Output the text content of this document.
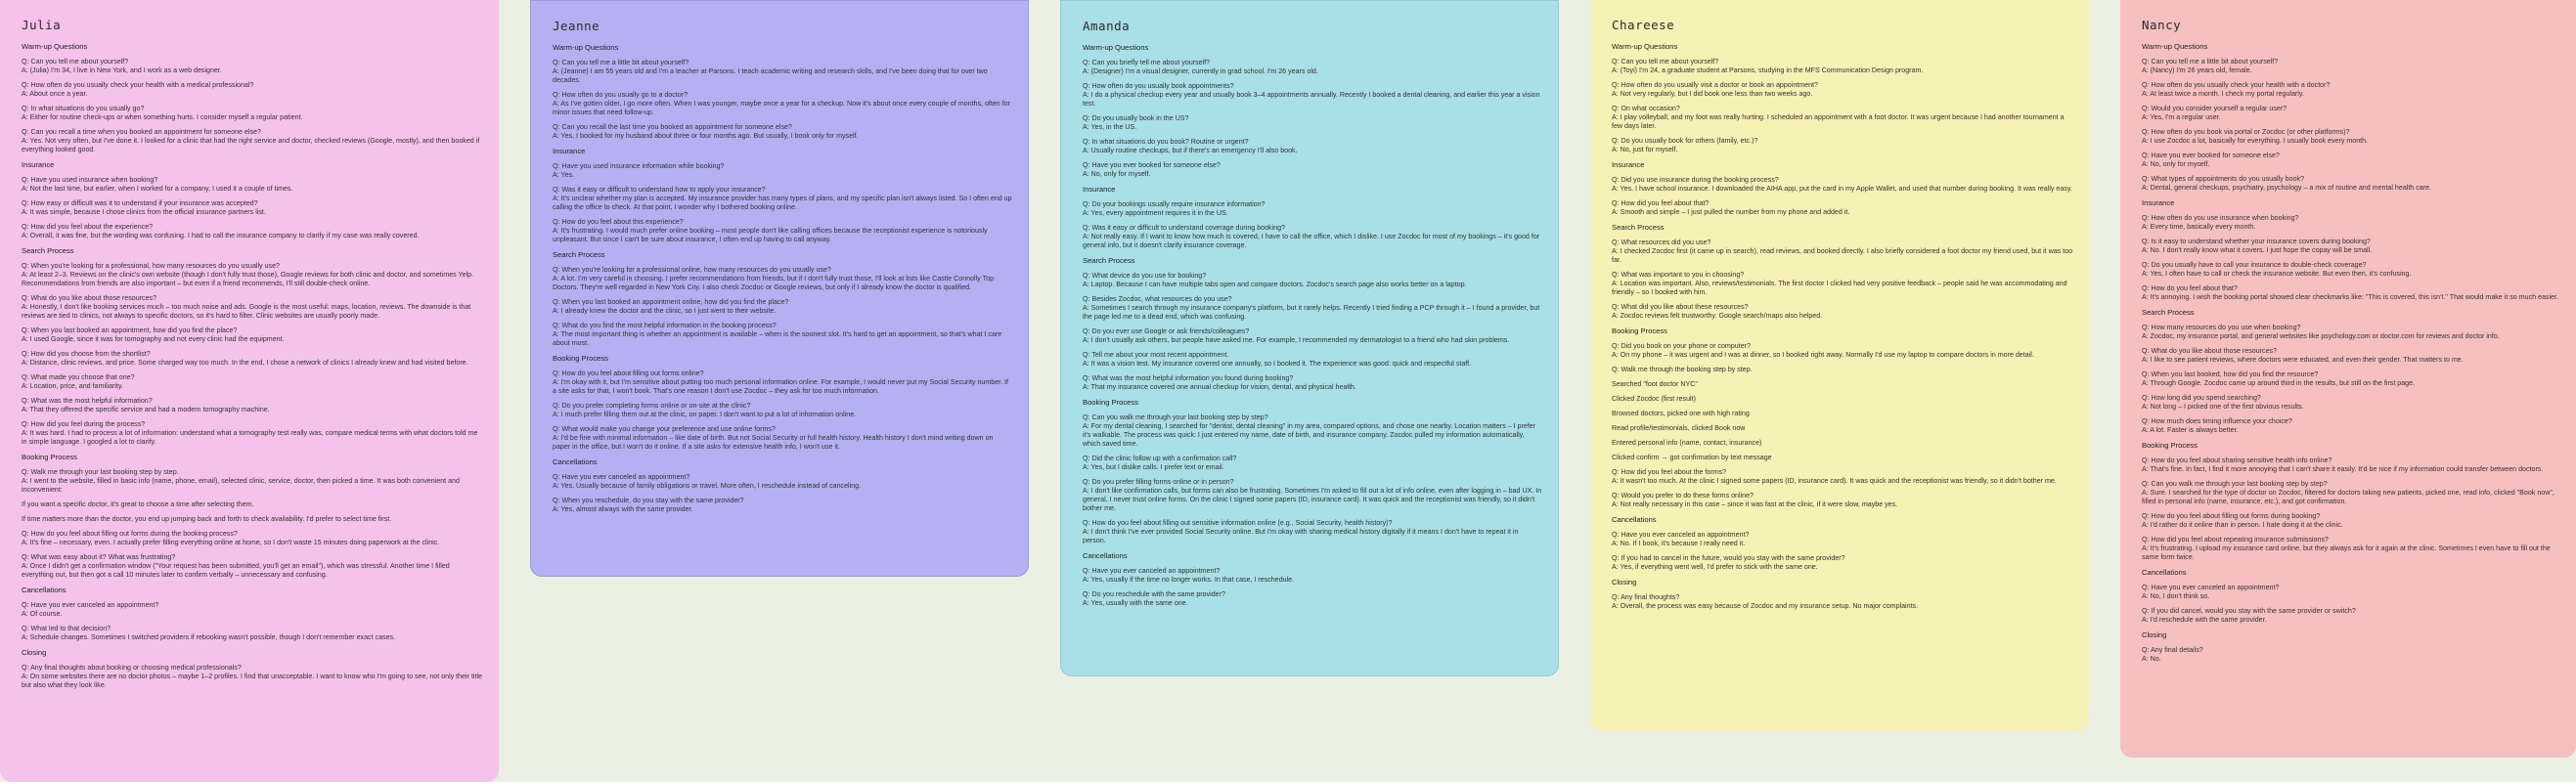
Julia
Warm-up Questions
Q: Can you tell me about yourself?
A: (Julia) I'm 34, I live in New York, and I work as a web designer.
Q: How often do you usually check your health with a medical professional?
A: About once a year.
Q: In what situations do you usually go?
A: Either for routine check-ups or when something hurts. I consider myself a regular patient.
Q: Can you recall a time when you booked an appointment for someone else?
A: Yes. Not very often, but I've done it. I looked for a clinic that had the right service and doctor, checked reviews (Google, mostly), and then booked if everything looked good.
Insurance
Q: Have you used insurance when booking?
A: Not the last time, but earlier, when I worked for a company, I used it a couple of times.
Q: How easy or difficult was it to understand if your insurance was accepted?
A: It was simple, because I chose clinics from the official insurance partners list.
Q: How did you feel about the experience?
A: Overall, it was fine, but the wording was confusing. I had to call the insurance company to clarify if my case was really covered.
Search Process
Q: When you're looking for a professional, how many resources do you usually use?
A: At least 2–3. Reviews on the clinic's own website (though I don't fully trust those), Google reviews for both clinic and doctor, and sometimes Yelp. Recommendations from friends are also important – but even if a friend recommends, I'll still double-check online.
Q: What do you like about those resources?
A: Honestly, I don't like booking services much – too much noise and ads. Google is the most useful: maps, location, reviews. The downside is that reviews are tied to clinics, not always to specific doctors, so it's hard to filter. Clinic websites are usually poorly made.
Q: When you last booked an appointment, how did you find the place?
A: I used Google, since it was for tomography and not every clinic had the equipment.
Q: How did you choose from the shortlist?
A: Distance, clinic reviews, and price. Some charged way too much. In the end, I chose a network of clinics I already knew and had visited before.
Q: What made you choose that one?
A: Location, price, and familiarity.
Q: What was the most helpful information?
A: That they offered the specific service and had a modern tomography machine.
Q: How did you feel during the process?
A: It was hard. I had to process a lot of information: understand what a tomography test really was, compare medical terms with what doctors told me in simple language. I googled a lot to clarify.
Booking Process
Q: Walk me through your last booking step by step.
A: I went to the website, filled in basic info (name, phone, email), selected clinic, service, doctor, then picked a time. It was both convenient and inconvenient:
If you want a specific doctor, it's great to choose a time after selecting them.
If time matters more than the doctor, you end up jumping back and forth to check availability. I'd prefer to select time first.
Q: How do you feel about filling out forms during the booking process?
A: It's fine – necessary, even. I actually prefer filling everything online at home, so I don't waste 15 minutes doing paperwork at the clinic.
Q: What was easy about it? What was frustrating?
A: Once I didn't get a confirmation window ("Your request has been submitted, you'll get an email"), which was stressful. Another time I filled everything out, but then got a call 10 minutes later to confirm verbally – unnecessary and confusing.
Cancellations
Q: Have you ever canceled an appointment?
A: Of course.
Q: What led to that decision?
A: Schedule changes. Sometimes I switched providers if rebooking wasn't possible, though I don't remember exact cases.
Closing
Q: Any final thoughts about booking or choosing medical professionals?
A: On some websites there are no doctor photos – maybe 1–2 profiles. I find that unacceptable. I want to know who I'm going to see, not only their title but also what they look like.
Jeanne
Warm-up Questions
Q: Can you tell me a little bit about yourself?
A: (Jeanne) I am 55 years old and I'm a teacher at Parsons. I teach academic writing and research skills, and I've been doing that for over two decades.
Q: How often do you usually go to a doctor?
A: As I've gotten older, I go more often. When I was younger, maybe once a year for a checkup. Now it's about once every couple of months, often for minor issues that need follow-up.
Q: Can you recall the last time you booked an appointment for someone else?
A: Yes, I booked for my husband about three or four months ago. But usually, I book only for myself.
Insurance
Q: Have you used insurance information while booking?
A: Yes.
Q: Was it easy or difficult to understand how to apply your insurance?
A: It's unclear whether my plan is accepted. My insurance provider has many types of plans, and my specific plan isn't always listed. So I often end up calling the office to check. At that point, I wonder why I bothered booking online.
Q: How do you feel about this experience?
A: It's frustrating. I would much prefer online booking – most people don't like calling offices because the receptionist experience is notoriously unpleasant. But since I can't be sure about insurance, I often end up having to call anyway.
Search Process
Q: When you're looking for a professional online, how many resources do you usually use?
A: A lot. I'm very careful in choosing. I prefer recommendations from friends, but if I don't fully trust those, I'll look at lists like Castle Connolly Top Doctors. They're well regarded in New York City. I also check Zocdoc or Google reviews, but only if I already know the doctor is qualified.
Q: When you last booked an appointment online, how did you find the place?
A: I already knew the doctor and the clinic, so I just went to their website.
Q: What do you find the most helpful information in the booking process?
A: The most important thing is whether an appointment is available – when is the soonest slot. It's hard to get an appointment, so that's what I care about most.
Booking Process
Q: How do you feel about filling out forms online?
A: I'm okay with it, but I'm sensitive about putting too much personal information online. For example, I would never put my Social Security number. If a site asks for that, I won't book. That's one reason I don't use Zocdoc – they ask for too much information.
Q: Do you prefer completing forms online or on-site at the clinic?
A: I much prefer filling them out at the clinic, on paper. I don't want to put a lot of information online.
Q: What would make you change your preference and use online forms?
A: I'd be fine with minimal information – like date of birth. But not Social Security or full health history. Health history I don't mind writing down on paper in the office, but I won't do it online. If a site asks for extensive health info, I won't use it.
Cancellations
Q: Have you ever canceled an appointment?
A: Yes. Usually because of family obligations or travel. More often, I reschedule instead of canceling.
Q: When you reschedule, do you stay with the same provider?
A: Yes, almost always with the same provider.
Amanda
Warm-up Questions
Q: Can you briefly tell me about yourself?
A: (Designer) I'm a visual designer, currently in grad school. I'm 26 years old.
Q: How often do you usually book appointments?
A: I do a physical checkup every year and usually book 3–4 appointments annually. Recently I booked a dental cleaning, and earlier this year a vision test.
Q: Do you usually book in the US?
A: Yes, in the US.
Q: In what situations do you book? Routine or urgent?
A: Usually routine checkups, but if there's an emergency I'll also book.
Q: Have you ever booked for someone else?
A: No, only for myself.
Insurance
Q: Do your bookings usually require insurance information?
A: Yes, every appointment requires it in the US.
Q: Was it easy or difficult to understand coverage during booking?
A: Not really easy. If I want to know how much is covered, I have to call the office, which I dislike. I use Zocdoc for most of my bookings – it's good for general info, but it doesn't clarify insurance coverage.
Search Process
Q: What device do you use for booking?
A: Laptop. Because I can have multiple tabs open and compare doctors. Zocdoc's search page also works better on a laptop.
Q: Besides Zocdoc, what resources do you use?
A: Sometimes I search through my insurance company's platform, but it rarely helps. Recently I tried finding a PCP through it – I found a provider, but the page led me to a dead end, which was confusing.
Q: Do you ever use Google or ask friends/colleagues?
A: I don't usually ask others, but people have asked me. For example, I recommended my dermatologist to a friend who had skin problems.
Q: Tell me about your most recent appointment.
A: It was a vision test. My insurance covered one annually, so I booked it. The experience was good: quick and respectful staff.
Q: What was the most helpful information you found during booking?
A: That my insurance covered one annual checkup for vision, dental, and physical health.
Booking Process
Q: Can you walk me through your last booking step by step?
A: For my dental cleaning, I searched for "dentist, dental cleaning" in my area, compared options, and chose one nearby. Location matters – I prefer it's walkable. The process was quick: I just entered my name, date of birth, and insurance company. Zocdoc pulled my information automatically, which saved time.
Q: Did the clinic follow up with a confirmation call?
A: Yes, but I dislike calls. I prefer text or email.
Q: Do you prefer filling forms online or in person?
A: I don't like confirmation calls, but forms can also be frustrating. Sometimes I'm asked to fill out a lot of info online, even after logging in – bad UX. In general, I never trust online forms. On the clinic I signed some papers (ID, insurance card). It was quick and the receptionist was friendly, so it didn't bother me.
Q: How do you feel about filling out sensitive information online (e.g., Social Security, health history)?
A: I don't think I've ever provided Social Security online. But I'm okay with sharing medical history digitally if it means I don't have to repeat it in person.
Cancellations
Q: Have you ever canceled an appointment?
A: Yes, usually if the time no longer works. In that case, I reschedule.
Q: Do you reschedule with the same provider?
A: Yes, usually with the same one.
Chareese
Warm-up Questions
Q: Can you tell me about yourself?
A: (Toyi) I'm 24, a graduate student at Parsons, studying in the MFS Communication Design program.
Q: How often do you usually visit a doctor or book an appointment?
A: Not very regularly, but I did book one less than two weeks ago.
Q: On what occasion?
A: I play volleyball, and my foot was really hurting. I scheduled an appointment with a foot doctor. It was urgent because I had another tournament a few days later.
Q: Do you usually book for others (family, etc.)?
A: No, just for myself.
Insurance
Q: Did you use insurance during the booking process?
A: Yes. I have school insurance. I downloaded the AIHA app, put the card in my Apple Wallet, and used that number during booking. It was really easy.
Q: How did you feel about that?
A: Smooth and simple – I just pulled the number from my phone and added it.
Search Process
Q: What resources did you use?
A: I checked Zocdoc first (it came up in search), read reviews, and booked directly. I also briefly considered a foot doctor my friend used, but it was too far.
Q: What was important to you in choosing?
A: Location was important. Also, reviews/testimonials. The first doctor I clicked had very positive feedback – people said he was accommodating and friendly – so I booked with him.
Q: What did you like about these resources?
A: Zocdoc reviews felt trustworthy. Google search/maps also helped.
Booking Process
Q: Did you book on your phone or computer?
A: On my phone – it was urgent and I was at dinner, so I booked right away. Normally I'd use my laptop to compare doctors in more detail.
Q: Walk me through the booking step by step.
Searched "foot doctor NYC"
Clicked Zocdoc (first result)
Browsed doctors, picked one with high rating
Read profile/testimonials, clicked Book now
Entered personal info (name, contact, insurance)
Clicked confirm → got confirmation by text message
Q: How did you feel about the forms?
A: It wasn't too much. At the clinic I signed some papers (ID, insurance card). It was quick and the receptionist was friendly, so it didn't bother me.
Q: Would you prefer to do these forms online?
A: Not really necessary in this case – since it was fast at the clinic, if it were slow, maybe yes.
Cancellations
Q: Have you ever canceled an appointment?
A: No. If I book, it's because I really need it.
Q: If you had to cancel in the future, would you stay with the same provider?
A: Yes, if everything went well, I'd prefer to stick with the same one.
Closing
Q: Any final thoughts?
A: Overall, the process was easy because of Zocdoc and my insurance setup. No major complaints.
Nancy
Warm-up Questions
Q: Can you tell me a little bit about yourself?
A: (Nancy) I'm 26 years old, female.
Q: How often do you usually check your health with a doctor?
A: At least twice a month. I check my portal regularly.
Q: Would you consider yourself a regular user?
A: Yes, I'm a regular user.
Q: How often do you book via portal or Zocdoc (or other platforms)?
A: I use Zocdoc a lot, basically for everything. I usually book every month.
Q: Have you ever booked for someone else?
A: No, only for myself.
Q: What types of appointments do you usually book?
A: Dental, general checkups, psychiatry, psychology – a mix of routine and mental health care.
Insurance
Q: How often do you use insurance when booking?
A: Every time, basically every month.
Q: Is it easy to understand whether your insurance covers during booking?
A: No. I don't really know what it covers. I just hope the copay will be small.
Q: Do you usually have to call your insurance to double-check coverage?
A: Yes, I often have to call or check the insurance website. But even then, it's confusing.
Q: How do you feel about that?
A: It's annoying. I wish the booking portal showed clear checkmarks like: "This is covered, this isn't." That would make it so much easier.
Search Process
Q: How many resources do you use when booking?
A: Zocdoc, my insurance portal, and general websites like psychology.com or doctor.com for reviews and doctor info.
Q: What do you like about those resources?
A: I like to see patient reviews, where doctors were educated, and even their gender. That matters to me.
Q: When you last booked, how did you find the resource?
A: Through Google. Zocdoc came up around third in the results, but still on the first page.
Q: How long did you spend searching?
A: Not long – I picked one of the first obvious results.
Q: How much does timing influence your choice?
A: A lot. Faster is always better.
Booking Process
Q: How do you feel about sharing sensitive health info online?
A: That's fine. In fact, I find it more annoying that I can't share it easily. It'd be nice if my information could transfer between doctors.
Q: Can you walk me through your last booking step by step?
A: Sure. I searched for the type of doctor on Zocdoc, filtered for doctors taking new patients, picked one, read info, clicked "Book now", filled in personal info (name, insurance, etc.), and got confirmation.
Q: How do you feel about filling out forms during booking?
A: I'd rather do it online than in person. I hate doing it at the clinic.
Q: How did you feel about repeating insurance submissions?
A: It's frustrating. I upload my insurance card online, but they always ask for it again at the clinic. Sometimes I even have to fill out the same form twice.
Cancellations
Q: Have you ever canceled an appointment?
A: No, I don't think so.
Q: If you did cancel, would you stay with the same provider or switch?
A: I'd reschedule with the same provider.
Closing
Q: Any final details?
A: No.
